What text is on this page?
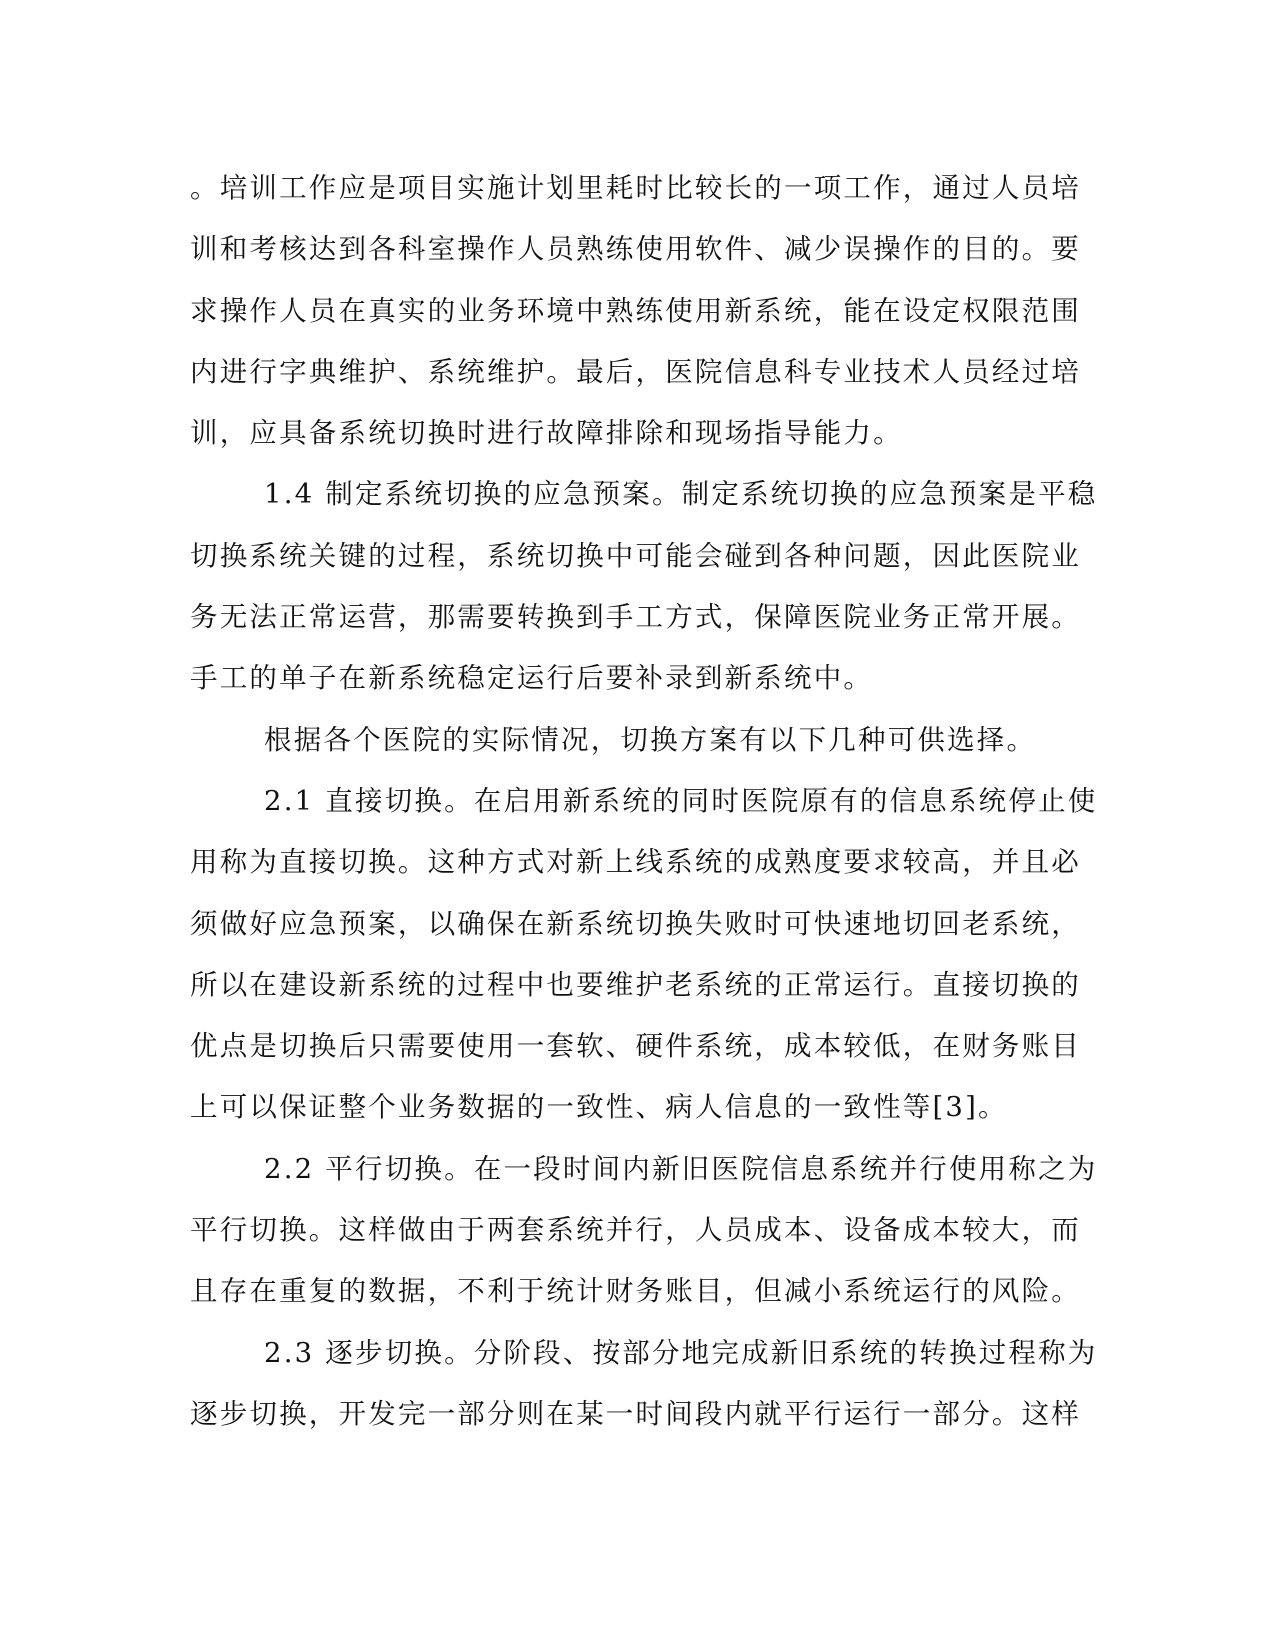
。培训工作应是项目实施计划里耗时比较长的一项工作，通过人员培
训和考核达到各科室操作人员熟练使用软件、减少误操作的目的。要
求操作人员在真实的业务环境中熟练使用新系统，能在设定权限范围
内进行字典维护、系统维护。最后，医院信息科专业技术人员经过培
训，应具备系统切换时进行故障排除和现场指导能力。
1.4 制定系统切换的应急预案。制定系统切换的应急预案是平稳
切换系统关键的过程，系统切换中可能会碰到各种问题，因此医院业
务无法正常运营，那需要转换到手工方式，保障医院业务正常开展。
手工的单子在新系统稳定运行后要补录到新系统中。
根据各个医院的实际情况，切换方案有以下几种可供选择。
2.1 直接切换。在启用新系统的同时医院原有的信息系统停止使
用称为直接切换。这种方式对新上线系统的成熟度要求较高，并且必
须做好应急预案，以确保在新系统切换失败时可快速地切回老系统，
所以在建设新系统的过程中也要维护老系统的正常运行。直接切换的
优点是切换后只需要使用一套软、硬件系统，成本较低，在财务账目
上可以保证整个业务数据的一致性、病人信息的一致性等[3]。
2.2 平行切换。在一段时间内新旧医院信息系统并行使用称之为
平行切换。这样做由于两套系统并行，人员成本、设备成本较大，而
且存在重复的数据，不利于统计财务账目，但减小系统运行的风险。
2.3 逐步切换。分阶段、按部分地完成新旧系统的转换过程称为
逐步切换，开发完一部分则在某一时间段内就平行运行一部分。这样
